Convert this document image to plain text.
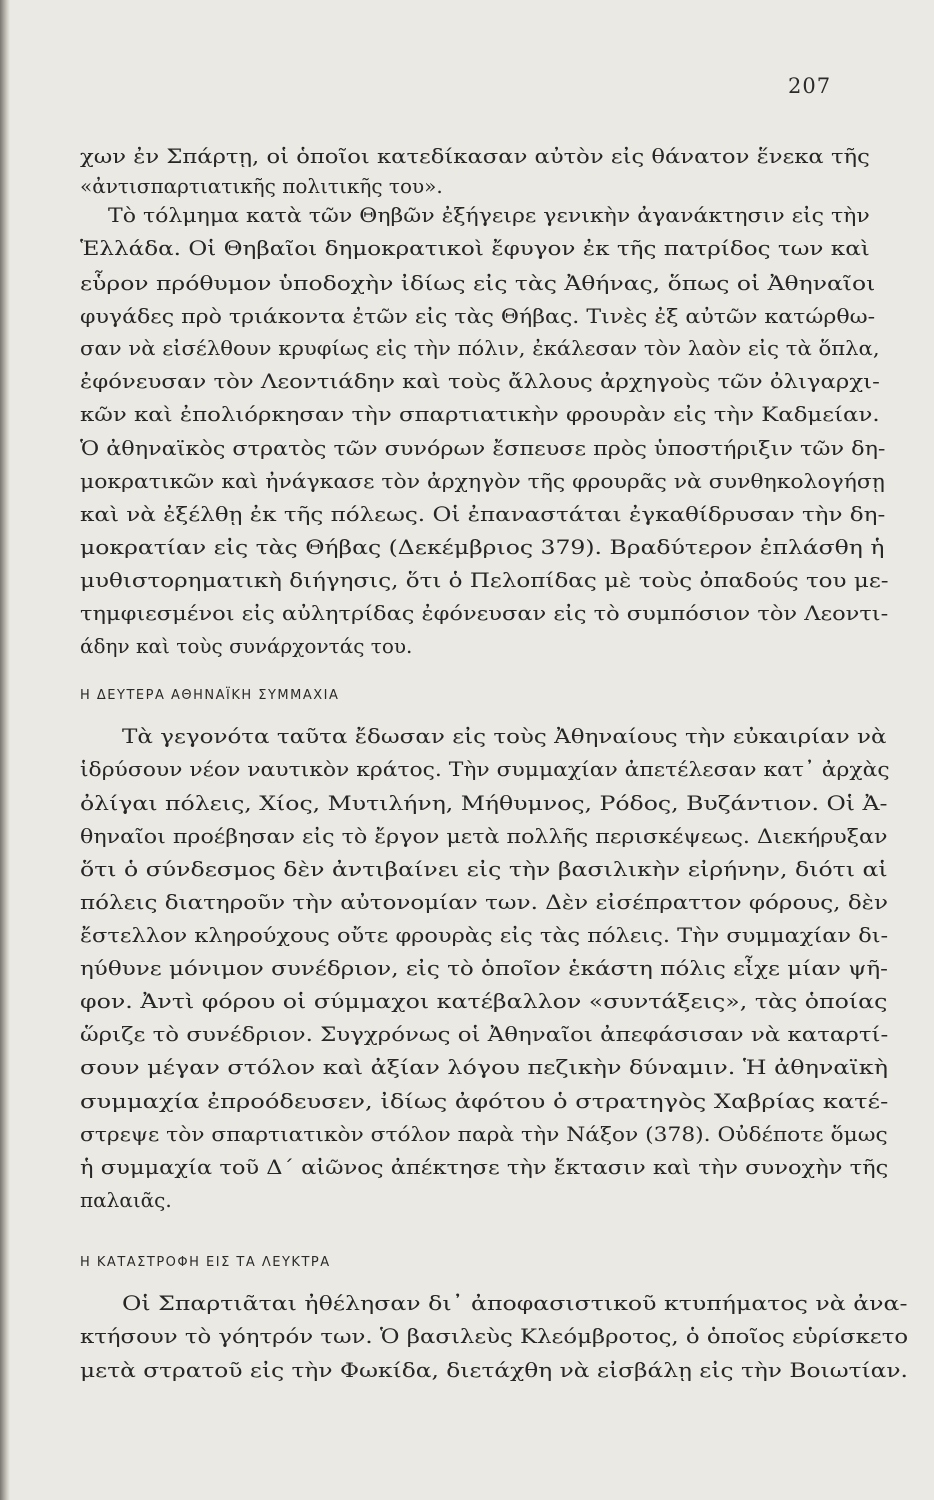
207
χων ἐν Σπάρτῃ, οἱ ὁποῖοι κατεδίκασαν αὐτὸν εἰς θάνατον ἕνεκα τῆς
«ἀντισπαρτιατικῆς πολιτικῆς του».
Τὸ τόλμημα κατὰ τῶν Θηβῶν ἐξήγειρε γενικὴν ἀγανάκτησιν εἰς τὴν
Ἑλλάδα. Οἱ Θηβαῖοι δημοκρατικοὶ ἔφυγον ἐκ τῆς πατρίδος των καὶ
εὗρον πρόθυμον ὑποδοχὴν ἰδίως εἰς τὰς Ἀθήνας, ὅπως οἱ Ἀθηναῖοι
φυγάδες πρὸ τριάκοντα ἐτῶν εἰς τὰς Θήβας. Τινὲς ἐξ αὐτῶν κατώρθω-
σαν νὰ εἰσέλθουν κρυφίως εἰς τὴν πόλιν, ἐκάλεσαν τὸν λαὸν εἰς τὰ ὅπλα,
ἐφόνευσαν τὸν Λεοντιάδην καὶ τοὺς ἄλλους ἀρχηγοὺς τῶν ὀλιγαρχι-
κῶν καὶ ἐπολιόρκησαν τὴν σπαρτιατικὴν φρουρὰν εἰς τὴν Καδμείαν.
Ὁ ἀθηναϊκὸς στρατὸς τῶν συνόρων ἔσπευσε πρὸς ὑποστήριξιν τῶν δη-
μοκρατικῶν καὶ ἠνάγκασε τὸν ἀρχηγὸν τῆς φρουρᾶς νὰ συνθηκολογήσῃ
καὶ νὰ ἐξέλθῃ ἐκ τῆς πόλεως. Οἱ ἐπαναστάται ἐγκαθίδρυσαν τὴν δη-
μοκρατίαν εἰς τὰς Θήβας (Δεκέμβριος 379). Βραδύτερον ἐπλάσθη ἡ
μυθιστορηματικὴ διήγησις, ὅτι ὁ Πελοπίδας μὲ τοὺς ὀπαδούς του με-
τημφιεσμένοι εἰς αὐλητρίδας ἐφόνευσαν εἰς τὸ συμπόσιον τὸν Λεοντι-
άδην καὶ τοὺς συνάρχοντάς του.
Η ΔΕΥΤΕΡΑ ΑΘΗΝΑΪΚΗ ΣΥΜΜΑΧΙΑ
Τὰ γεγονότα ταῦτα ἔδωσαν εἰς τοὺς Ἀθηναίους τὴν εὐκαιρίαν νὰ
ἱδρύσουν νέον ναυτικὸν κράτος. Τὴν συμμαχίαν ἀπετέλεσαν κατ᾽ ἀρχὰς
ὀλίγαι πόλεις, Χίος, Μυτιλήνη, Μήθυμνος, Ρόδος, Βυζάντιον. Οἱ Ἀ-
θηναῖοι προέβησαν εἰς τὸ ἔργον μετὰ πολλῆς περισκέψεως. Διεκήρυξαν
ὅτι ὁ σύνδεσμος δὲν ἀντιβαίνει εἰς τὴν βασιλικὴν εἰρήνην, διότι αἱ
πόλεις διατηροῦν τὴν αὐτονομίαν των. Δὲν εἰσέπραττον φόρους, δὲν
ἔστελλον κληρούχους οὔτε φρουρὰς εἰς τὰς πόλεις. Τὴν συμμαχίαν δι-
ηύθυνε μόνιμον συνέδριον, εἰς τὸ ὁποῖον ἑκάστη πόλις εἶχε μίαν ψῆ-
φον. Ἀντὶ φόρου οἱ σύμμαχοι κατέβαλλον «συντάξεις», τὰς ὁποίας
ὥριζε τὸ συνέδριον. Συγχρόνως οἱ Ἀθηναῖοι ἀπεφάσισαν νὰ καταρτί-
σουν μέγαν στόλον καὶ ἀξίαν λόγου πεζικὴν δύναμιν. Ἡ ἀθηναϊκὴ
συμμαχία ἐπροόδευσεν, ἰδίως ἀφότου ὁ στρατηγὸς Χαβρίας κατέ-
στρεψε τὸν σπαρτιατικὸν στόλον παρὰ τὴν Νάξον (378). Οὐδέποτε ὅμως
ἡ συμμαχία τοῦ Δ´ αἰῶνος ἀπέκτησε τὴν ἔκτασιν καὶ τὴν συνοχὴν τῆς
παλαιᾶς.
Η ΚΑΤΑΣΤΡΟΦΗ ΕΙΣ ΤΑ ΛΕΥΚΤΡΑ
Οἱ Σπαρτιᾶται ἠθέλησαν δι᾽ ἀποφασιστικοῦ κτυπήματος νὰ ἀνα-
κτήσουν τὸ γόητρόν των. Ὁ βασιλεὺς Κλεόμβροτος, ὁ ὁποῖος εὑρίσκετο
μετὰ στρατοῦ εἰς τὴν Φωκίδα, διετάχθη νὰ εἰσβάλῃ εἰς τὴν Βοιωτίαν.
